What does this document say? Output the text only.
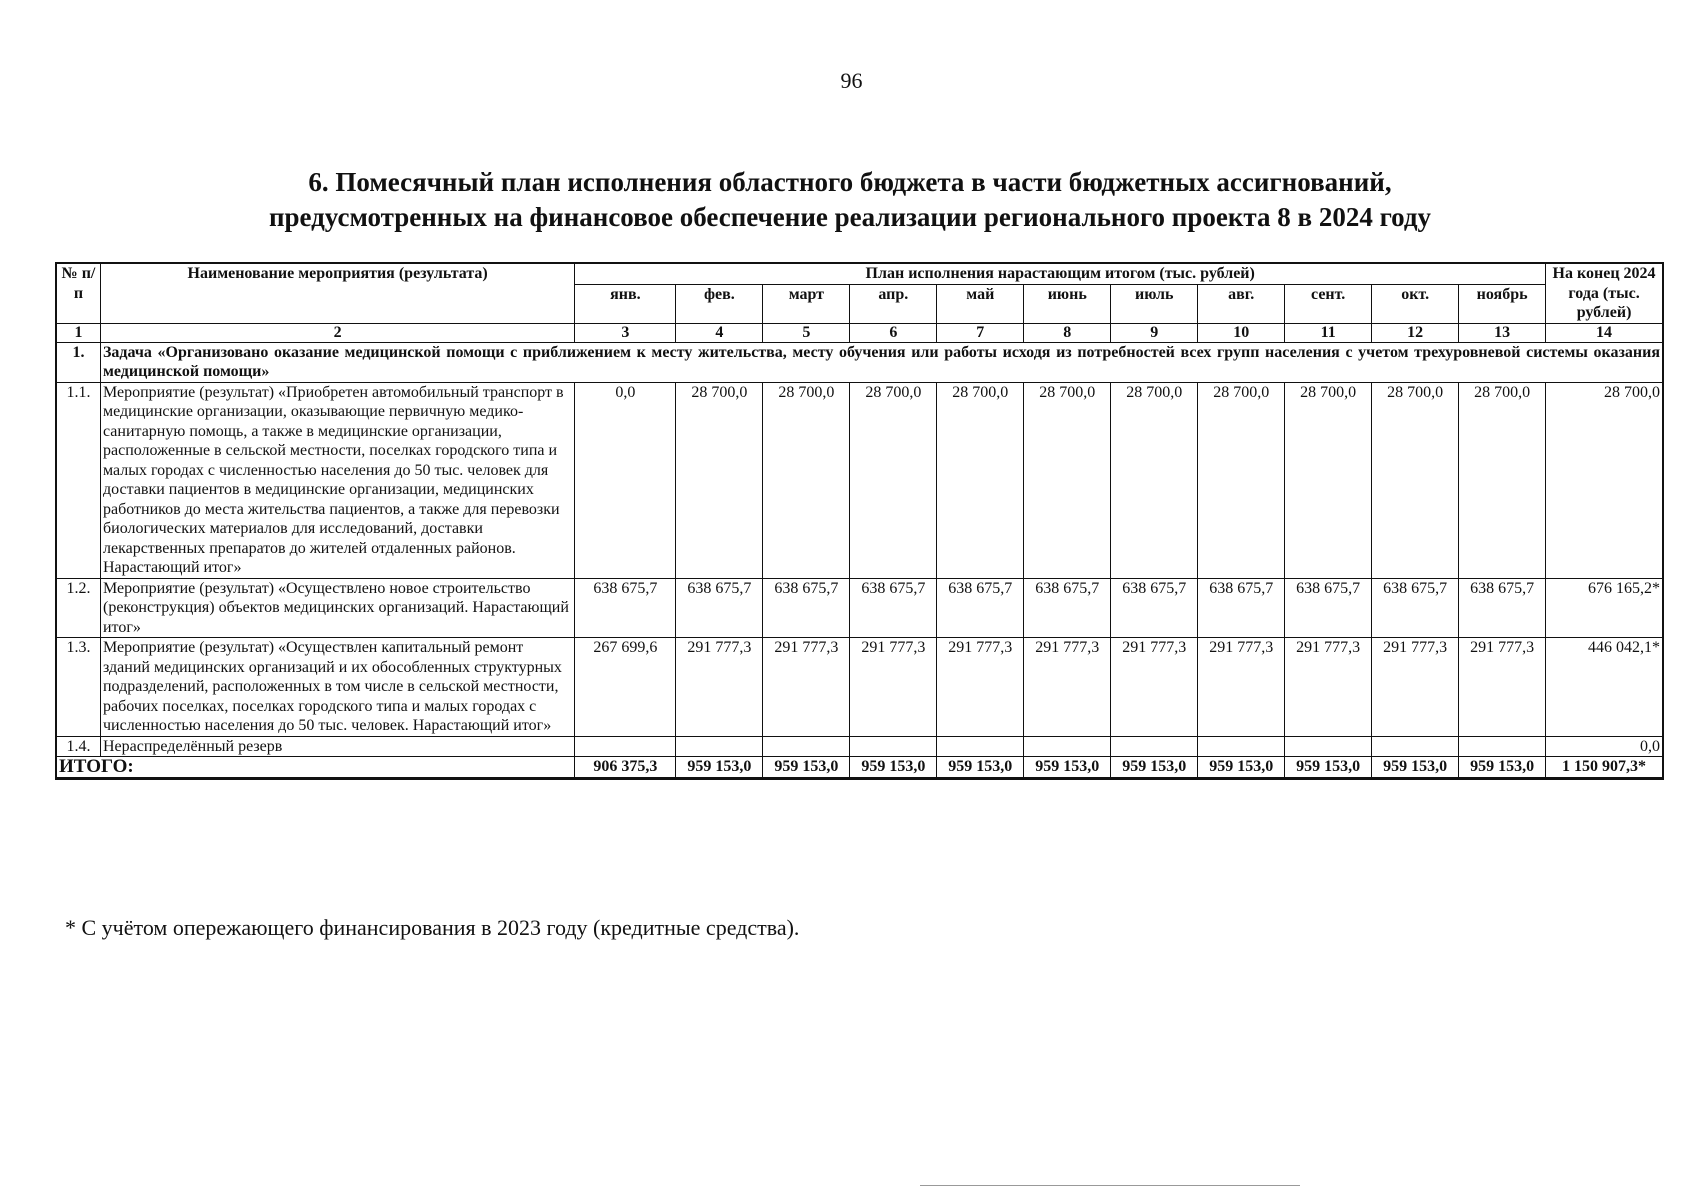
96
6. Помесячный план исполнения областного бюджета в части бюджетных ассигнований,
предусмотренных на финансовое обеспечение реализации регионального проекта 8 в 2024 году
№ п/п	Наименование мероприятия (результата)	План исполнения нарастающим итогом (тыс. рублей)											На конец 2024 года (тыс. рублей)
		янв.	фев.	март	апр.	май	июнь	июль	авг.	сент.	окт.	ноябрь	
1	2	3	4	5	6	7	8	9	10	11	12	13	14
1.	Задача «Организовано оказание медицинской помощи с приближением к месту жительства, месту обучения или работы исходя из потребностей всех групп населения с учетом трехуровневой системы оказания медицинской помощи»												
1.1.	Мероприятие (результат) «Приобретен автомобильный транспорт в медицинские организации, оказывающие первичную медико-санитарную помощь, а также в медицинские организации, расположенные в сельской местности, поселках городского типа и малых городах с численностью населения до 50 тыс. человек для доставки пациентов в медицинские организации, медицинских работников до места жительства пациентов, а также для перевозки биологических материалов для исследований, доставки лекарственных препаратов до жителей отдаленных районов. Нарастающий итог»	0,0	28 700,0	28 700,0	28 700,0	28 700,0	28 700,0	28 700,0	28 700,0	28 700,0	28 700,0	28 700,0	28 700,0
1.2.	Мероприятие (результат) «Осуществлено новое строительство (реконструкция) объектов медицинских организаций. Нарастающий итог»	638 675,7	638 675,7	638 675,7	638 675,7	638 675,7	638 675,7	638 675,7	638 675,7	638 675,7	638 675,7	638 675,7	676 165,2*
1.3.	Мероприятие (результат) «Осуществлен капитальный ремонт зданий медицинских организаций и их обособленных структурных подразделений, расположенных в том числе в сельской местности, рабочих поселках, поселках городского типа и малых городах с численностью населения до 50 тыс. человек. Нарастающий итог»	267 699,6	291 777,3	291 777,3	291 777,3	291 777,3	291 777,3	291 777,3	291 777,3	291 777,3	291 777,3	291 777,3	446 042,1*
1.4.	Нераспределённый резерв												0,0
ИТОГО:		906 375,3	959 153,0	959 153,0	959 153,0	959 153,0	959 153,0	959 153,0	959 153,0	959 153,0	959 153,0	959 153,0	1 150 907,3*
* С учётом опережающего финансирования в 2023 году (кредитные средства).
